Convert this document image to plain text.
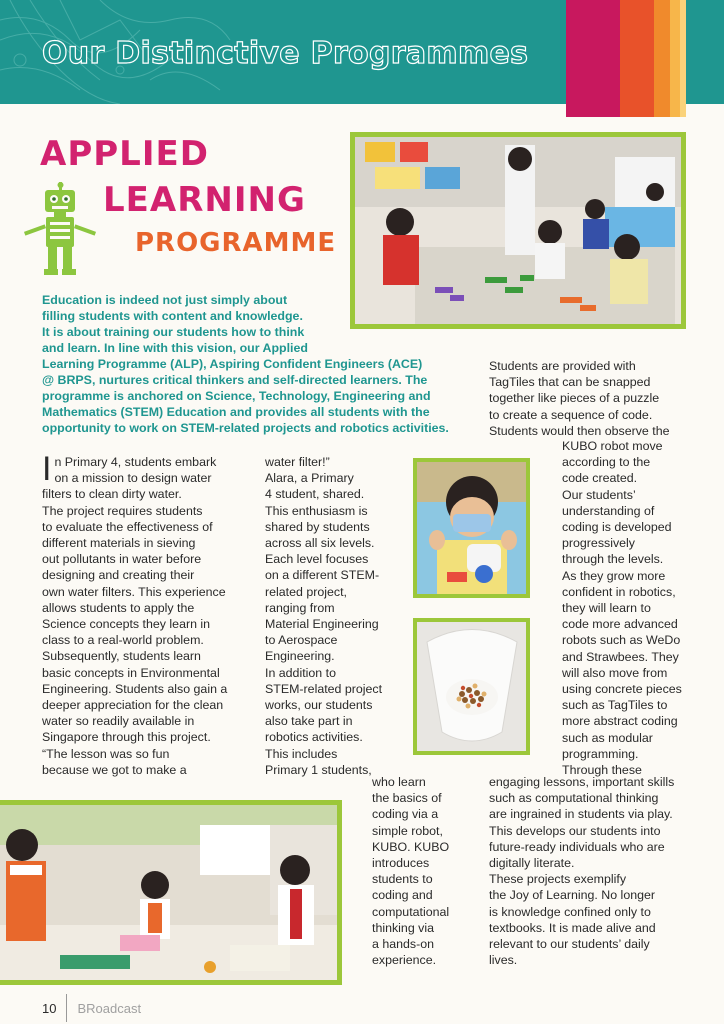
Our Distinctive Programmes
APPLIED
LEARNING
PROGRAMME

Education is indeed not just simply about
filling students with content and knowledge.
It is about training our students how to think
and learn. In line with this vision, our Applied
Learning Programme (ALP), Aspiring Confident Engineers (ACE)
@ BRPS, nurtures critical thinkers and self-directed learners. The
programme is anchored on Science, Technology, Engineering and
Mathematics (STEM) Education and provides all students with the
opportunity to work on STEM-related projects and robotics activities.

In Primary 4, students embark
on a mission to design water
filters to clean dirty water.
The project requires students
to evaluate the effectiveness of
different materials in sieving
out pollutants in water before
designing and creating their
own water filters. This experience
allows students to apply the
Science concepts they learn in
class to a real-world problem.
Subsequently, students learn
basic concepts in Environmental
Engineering. Students also gain a
deeper appreciation for the clean
water so readily available in
Singapore through this project.
“The lesson was so fun
because we got to make a
water filter!”
Alara, a Primary
4 student, shared.
This enthusiasm is
shared by students
across all six levels.
Each level focuses
on a different STEM-
related project,
ranging from
Material Engineering
to Aerospace
Engineering.
In addition to
STEM-related project
works, our students
also take part in
robotics activities.
This includes
Primary 1 students,
who learn
the basics of
coding via a
simple robot,
KUBO. KUBO
introduces
students to
coding and
computational
thinking via
a hands-on
experience.
Students are provided with
TagTiles that can be snapped
together like pieces of a puzzle
to create a sequence of code.
Students would then observe the
KUBO robot move
according to the
code created.
Our students’
understanding of
coding is developed
progressively
through the levels.
As they grow more
confident in robotics,
they will learn to
code more advanced
robots such as WeDo
and Strawbees. They
will also move from
using concrete pieces
such as TagTiles to
more abstract coding
such as modular
programming.
Through these
engaging lessons, important skills
such as computational thinking
are ingrained in students via play.
This develops our students into
future-ready individuals who are
digitally literate.
These projects exemplify
the Joy of Learning. No longer
is knowledge confined only to
textbooks. It is made alive and
relevant to our students’ daily
lives.
10 BRoadcast
